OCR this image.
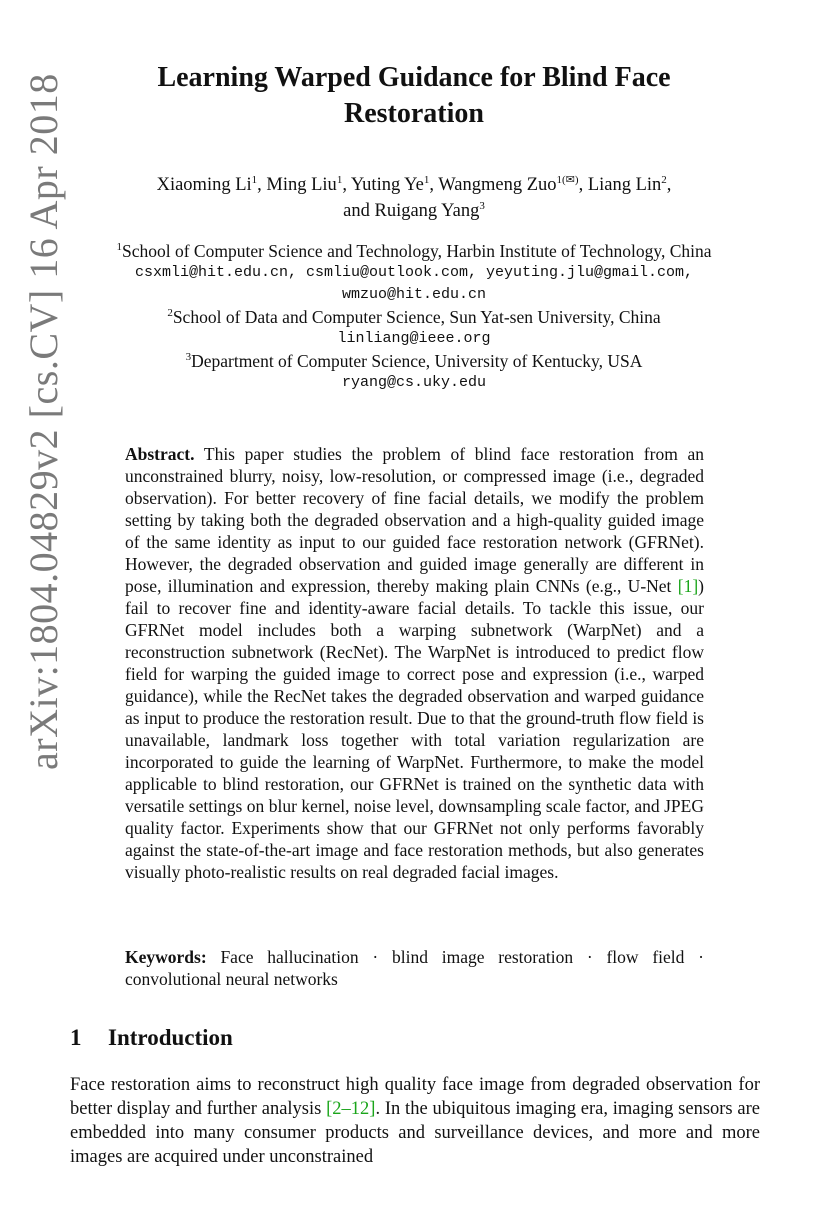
arXiv:1804.04829v2 [cs.CV] 16 Apr 2018	Learning Warped Guidance for Blind Face Restoration
Xiaoming Li$^1$, Ming Liu$^1$, Yuting Ye$^1$, Wangmeng Zuo$^{1(✉)}$, Liang Lin$^2$,
and Ruigang Yang$^3$
$^1$School of Computer Science and Technology, Harbin Institute of Technology, China
csxmli@hit.edu.cn, csmliu@outlook.com, yeyuting.jlu@gmail.com,
wmzuo@hit.edu.cn
$^2$School of Data and Computer Science, Sun Yat-sen University, China
linliang@ieee.org
$^3$Department of Computer Science, University of Kentucky, USA
ryang@cs.uky.edu
Abstract. This paper studies the problem of blind face restoration from an unconstrained blurry, noisy, low-resolution, or compressed image (i.e., degraded observation). For better recovery of fine facial details, we modify the problem setting by taking both the degraded observation and a high-quality guided image of the same identity as input to our guided face restoration network (GFRNet). However, the degraded observation and guided image generally are different in pose, illumination and expression, thereby making plain CNNs (e.g., U-Net [1]) fail to recover fine and identity-aware facial details. To tackle this issue, our GFRNet model includes both a warping subnetwork (WarpNet) and a reconstruction subnetwork (RecNet). The WarpNet is introduced to predict flow field for warping the guided image to correct pose and expression (i.e., warped guidance), while the RecNet takes the degraded observation and warped guidance as input to produce the restoration result. Due to that the ground-truth flow field is unavailable, landmark loss together with total variation regularization are incorporated to guide the learning of WarpNet. Furthermore, to make the model applicable to blind restoration, our GFRNet is trained on the synthetic data with versatile settings on blur kernel, noise level, downsampling scale factor, and JPEG quality factor. Experiments show that our GFRNet not only performs favorably against the state-of-the-art image and face restoration methods, but also generates visually photo-realistic results on real degraded facial images.
Keywords: Face hallucination · blind image restoration · flow field · convolutional neural networks
1 Introduction
Face restoration aims to reconstruct high quality face image from degraded observation for better display and further analysis [2–12]. In the ubiquitous imaging era, imaging sensors are embedded into many consumer products and surveillance devices, and more and more images are acquired under unconstrained
